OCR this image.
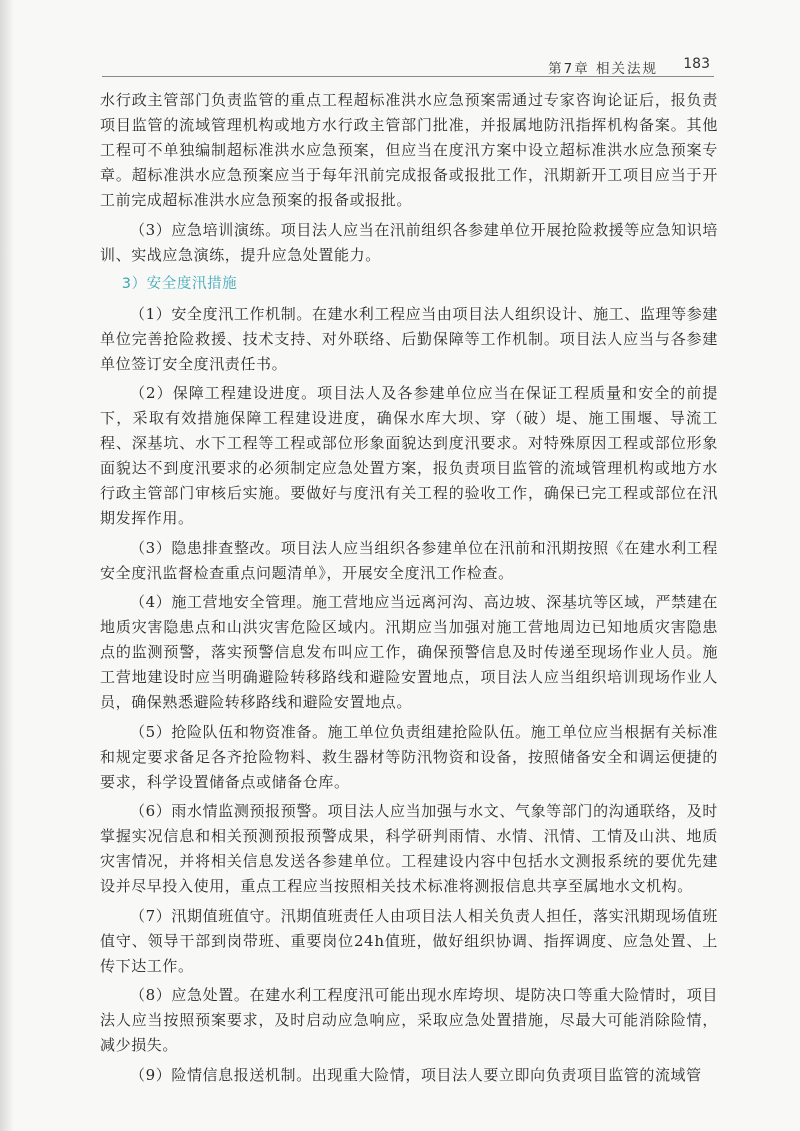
第7章 相关法规 183

水行政主管部门负责监管的重点工程超标准洪水应急预案需通过专家咨询论证后，报负责项目监管的流域管理机构或地方水行政主管部门批准，并报属地防汛指挥机构备案。其他工程可不单独编制超标准洪水应急预案，但应当在度汛方案中设立超标准洪水应急预案专章。超标准洪水应急预案应当于每年汛前完成报备或报批工作，汛期新开工项目应当于开工前完成超标准洪水应急预案的报备或报批。

（3）应急培训演练。项目法人应当在汛前组织各参建单位开展抢险救援等应急知识培训、实战应急演练，提升应急处置能力。

3）安全度汛措施

（1）安全度汛工作机制。在建水利工程应当由项目法人组织设计、施工、监理等参建单位完善抢险救援、技术支持、对外联络、后勤保障等工作机制。项目法人应当与各参建单位签订安全度汛责任书。

（2）保障工程建设进度。项目法人及各参建单位应当在保证工程质量和安全的前提下，采取有效措施保障工程建设进度，确保水库大坝、穿（破）堤、施工围堰、导流工程、深基坑、水下工程等工程或部位形象面貌达到度汛要求。对特殊原因工程或部位形象面貌达不到度汛要求的必须制定应急处置方案，报负责项目监管的流域管理机构或地方水行政主管部门审核后实施。要做好与度汛有关工程的验收工作，确保已完工程或部位在汛期发挥作用。

（3）隐患排查整改。项目法人应当组织各参建单位在汛前和汛期按照《在建水利工程安全度汛监督检查重点问题清单》，开展安全度汛工作检查。

（4）施工营地安全管理。施工营地应当远离河沟、高边坡、深基坑等区域，严禁建在地质灾害隐患点和山洪灾害危险区域内。汛期应当加强对施工营地周边已知地质灾害隐患点的监测预警，落实预警信息发布叫应工作，确保预警信息及时传递至现场作业人员。施工营地建设时应当明确避险转移路线和避险安置地点，项目法人应当组织培训现场作业人员，确保熟悉避险转移路线和避险安置地点。

（5）抢险队伍和物资准备。施工单位负责组建抢险队伍。施工单位应当根据有关标准和规定要求备足各齐抢险物料、救生器材等防汛物资和设备，按照储备安全和调运便捷的要求，科学设置储备点或储备仓库。

（6）雨水情监测预报预警。项目法人应当加强与水文、气象等部门的沟通联络，及时掌握实况信息和相关预测预报预警成果，科学研判雨情、水情、汛情、工情及山洪、地质灾害情况，并将相关信息发送各参建单位。工程建设内容中包括水文测报系统的要优先建设并尽早投入使用，重点工程应当按照相关技术标准将测报信息共享至属地水文机构。

（7）汛期值班值守。汛期值班责任人由项目法人相关负责人担任，落实汛期现场值班值守、领导干部到岗带班、重要岗位24h值班，做好组织协调、指挥调度、应急处置、上传下达工作。

（8）应急处置。在建水利工程度汛可能出现水库垮坝、堤防决口等重大险情时，项目法人应当按照预案要求，及时启动应急响应，采取应急处置措施，尽最大可能消除险情，减少损失。

（9）险情信息报送机制。出现重大险情，项目法人要立即向负责项目监管的流域管
